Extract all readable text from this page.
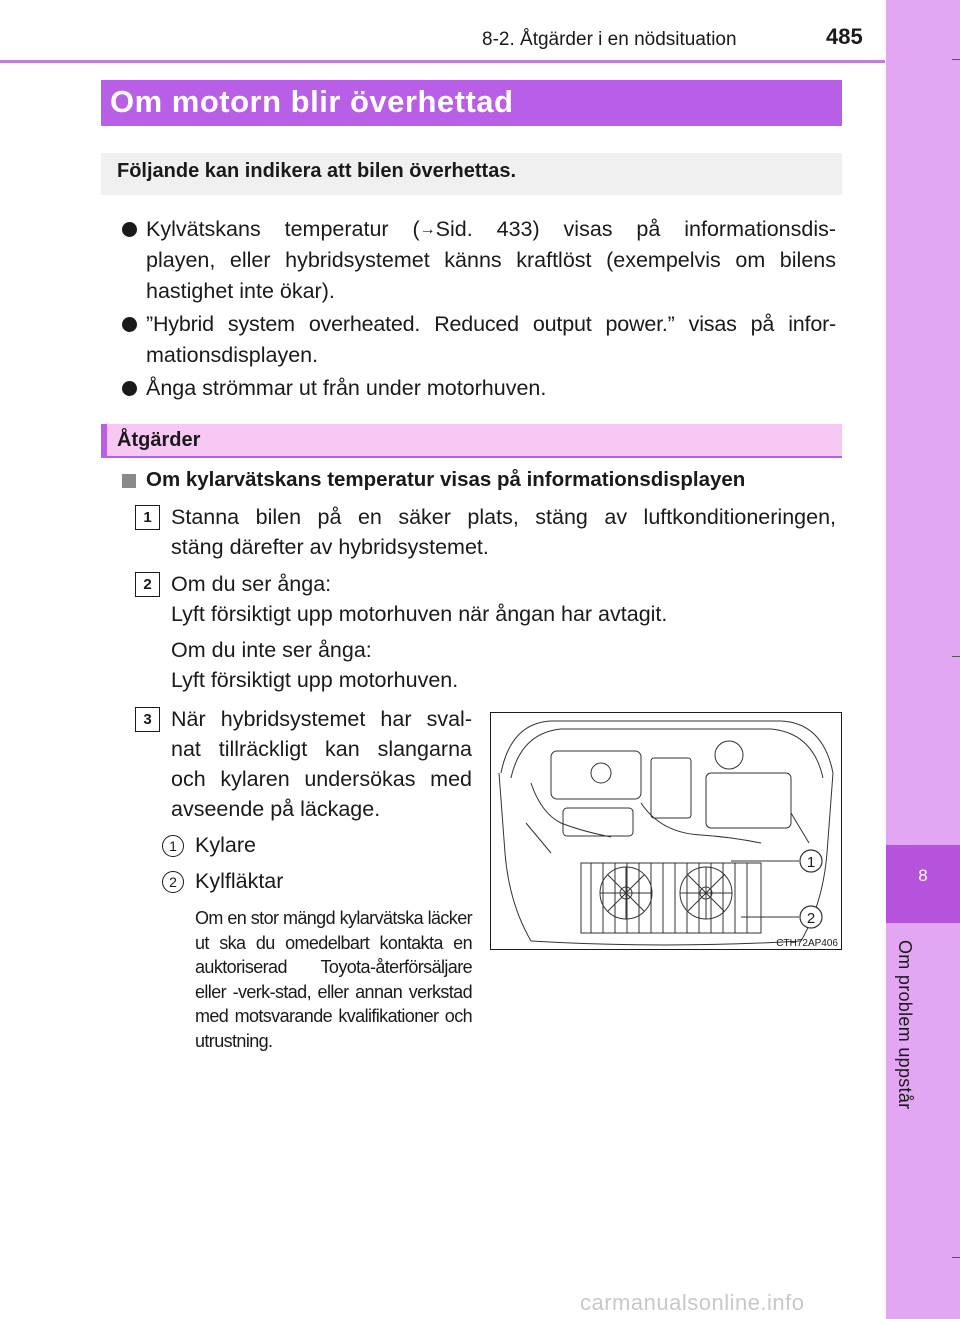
8-2. Åtgärder i en nödsituation	485
8
Om problem uppstår
Om motorn blir överhettad
Följande kan indikera att bilen överhettas.
Kylvätskans temperatur (→Sid. 433) visas på informationsdis-
playen, eller hybridsystemet känns kraftlöst (exempelvis om bilens
hastighet inte ökar).
”Hybrid system overheated. Reduced output power.” visas på infor-
mationsdisplayen.
Ånga strömmar ut från under motorhuven.
Åtgärder
Om kylarvätskans temperatur visas på informationsdisplayen
1 Stanna bilen på en säker plats, stäng av luftkonditioneringen,
stäng därefter av hybridsystemet.
2 Om du ser ånga:
Lyft försiktigt upp motorhuven när ångan har avtagit.
Om du inte ser ånga:
Lyft försiktigt upp motorhuven.
3 När hybridsystemet har sval-
nat tillräckligt kan slangarna
och kylaren undersökas med
avseende på läckage.
1 Kylare
2 Kylfläktar
Om en stor mängd kylarvätska läcker ut ska du omedelbart kontakta en auktoriserad Toyota-återförsäljare eller -verk-stad, eller annan verkstad med motsvarande kvalifikationer och utrustning.
1
2
CTH72AP406
carmanualsonline.info
